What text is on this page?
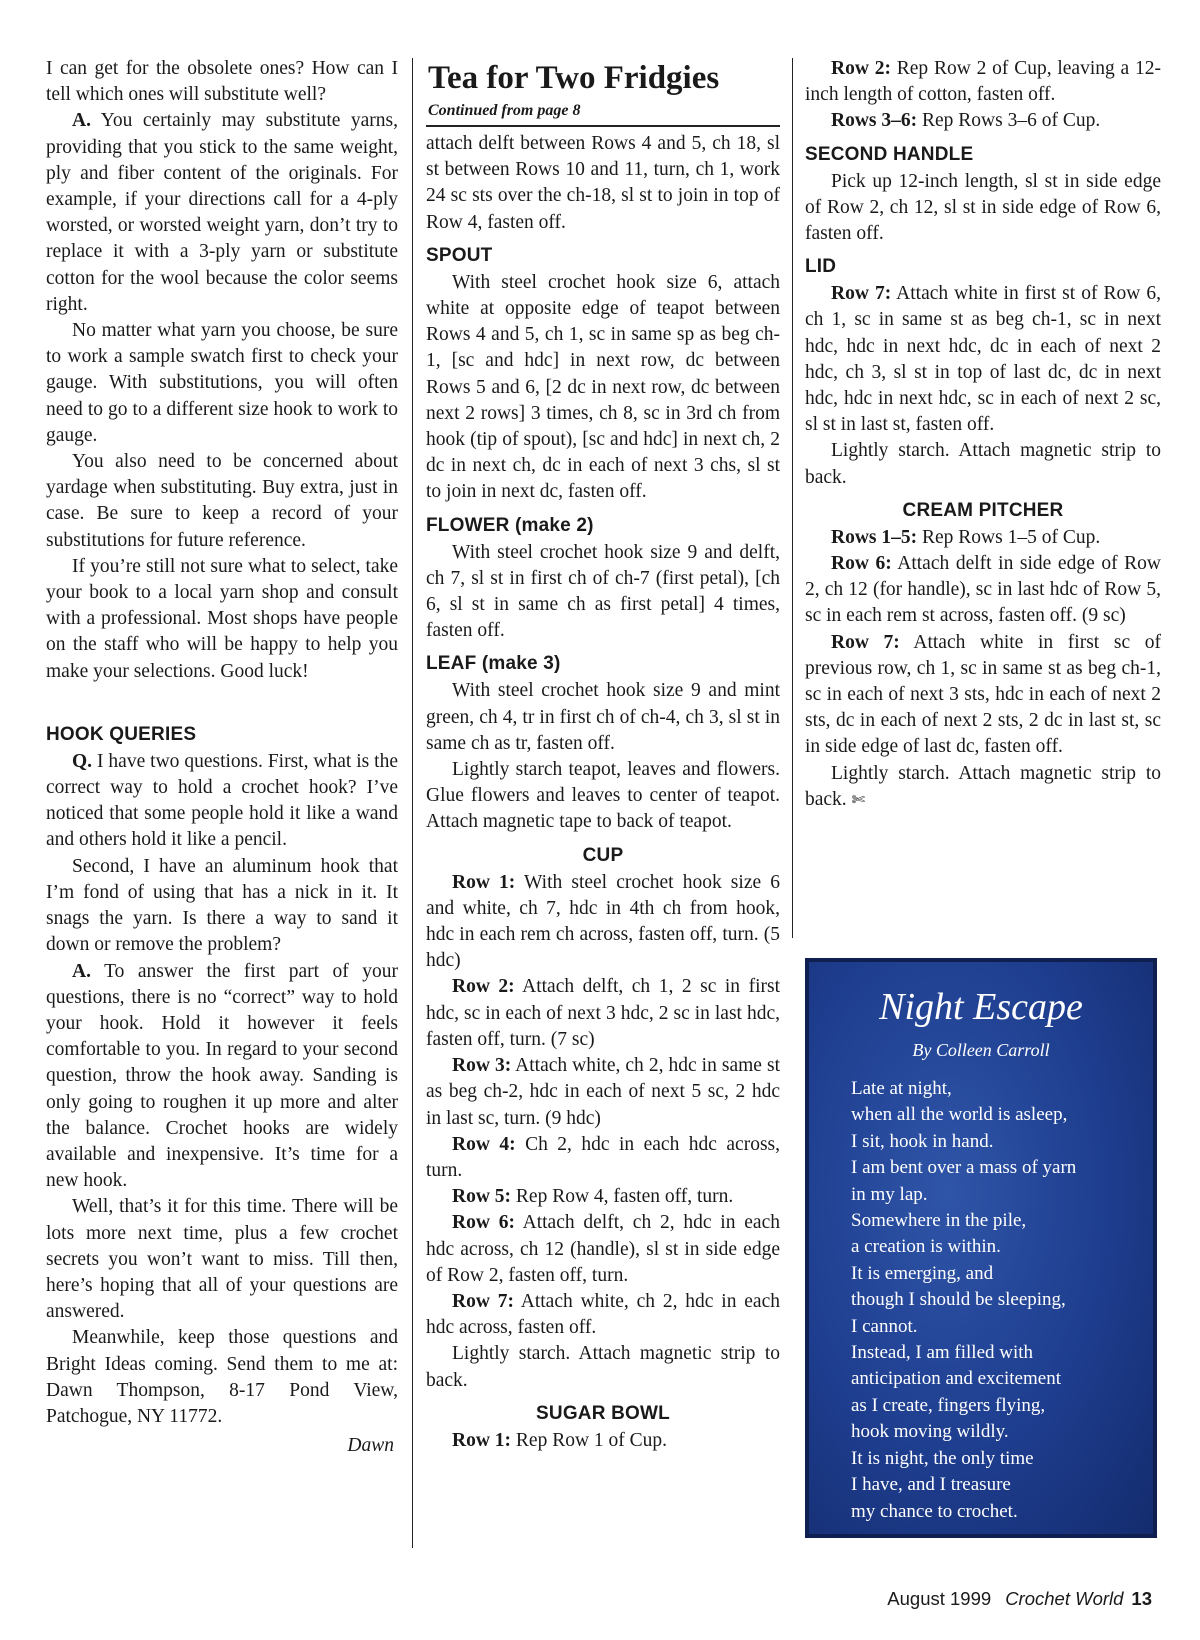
I can get for the obsolete ones? How can I tell which ones will substitute well?

A. You certainly may substitute yarns, providing that you stick to the same weight, ply and fiber content of the originals. For example, if your directions call for a 4-ply worsted, or worsted weight yarn, don’t try to replace it with a 3-ply yarn or substitute cotton for the wool because the color seems right.

No matter what yarn you choose, be sure to work a sample swatch first to check your gauge. With substitutions, you will often need to go to a different size hook to work to gauge.

You also need to be concerned about yardage when substituting. Buy extra, just in case. Be sure to keep a record of your substitutions for future reference.

If you’re still not sure what to select, take your book to a local yarn shop and consult with a professional. Most shops have people on the staff who will be happy to help you make your selections. Good luck!

HOOK QUERIES

Q. I have two questions. First, what is the correct way to hold a crochet hook? I’ve noticed that some people hold it like a wand and others hold it like a pencil.

Second, I have an aluminum hook that I’m fond of using that has a nick in it. It snags the yarn. Is there a way to sand it down or remove the problem?

A. To answer the first part of your questions, there is no “correct” way to hold your hook. Hold it however it feels comfortable to you. In regard to your second question, throw the hook away. Sanding is only going to roughen it up more and alter the balance. Crochet hooks are widely available and inexpensive. It’s time for a new hook.

Well, that’s it for this time. There will be lots more next time, plus a few crochet secrets you won’t want to miss. Till then, here’s hoping that all of your questions are answered.

Meanwhile, keep those questions and Bright Ideas coming. Send them to me at: Dawn Thompson, 8-17 Pond View, Patchogue, NY 11772.

Dawn
Tea for Two Fridgies
Continued from page 8

attach delft between Rows 4 and 5, ch 18, sl st between Rows 10 and 11, turn, ch 1, work 24 sc sts over the ch-18, sl st to join in top of Row 4, fasten off.

SPOUT

With steel crochet hook size 6, attach white at opposite edge of teapot between Rows 4 and 5, ch 1, sc in same sp as beg ch-1, [sc and hdc] in next row, dc between Rows 5 and 6, [2 dc in next row, dc between next 2 rows] 3 times, ch 8, sc in 3rd ch from hook (tip of spout), [sc and hdc] in next ch, 2 dc in next ch, dc in each of next 3 chs, sl st to join in next dc, fasten off.

FLOWER (make 2)

With steel crochet hook size 9 and delft, ch 7, sl st in first ch of ch-7 (first petal), [ch 6, sl st in same ch as first petal] 4 times, fasten off.

LEAF (make 3)

With steel crochet hook size 9 and mint green, ch 4, tr in first ch of ch-4, ch 3, sl st in same ch as tr, fasten off.

Lightly starch teapot, leaves and flowers. Glue flowers and leaves to center of teapot. Attach magnetic tape to back of teapot.

CUP

Row 1: With steel crochet hook size 6 and white, ch 7, hdc in 4th ch from hook, hdc in each rem ch across, fasten off, turn. (5 hdc)

Row 2: Attach delft, ch 1, 2 sc in first hdc, sc in each of next 3 hdc, 2 sc in last hdc, fasten off, turn. (7 sc)

Row 3: Attach white, ch 2, hdc in same st as beg ch-2, hdc in each of next 5 sc, 2 hdc in last sc, turn. (9 hdc)

Row 4: Ch 2, hdc in each hdc across, turn.

Row 5: Rep Row 4, fasten off, turn.

Row 6: Attach delft, ch 2, hdc in each hdc across, ch 12 (handle), sl st in side edge of Row 2, fasten off, turn.

Row 7: Attach white, ch 2, hdc in each hdc across, fasten off.

Lightly starch. Attach magnetic strip to back.

SUGAR BOWL

Row 1: Rep Row 1 of Cup.

Row 2: Rep Row 2 of Cup, leaving a 12-inch length of cotton, fasten off.

Rows 3–6: Rep Rows 3–6 of Cup.

SECOND HANDLE

Pick up 12-inch length, sl st in side edge of Row 2, ch 12, sl st in side edge of Row 6, fasten off.

LID

Row 7: Attach white in first st of Row 6, ch 1, sc in same st as beg ch-1, sc in next hdc, hdc in next hdc, dc in each of next 2 hdc, ch 3, sl st in top of last dc, dc in next hdc, hdc in next hdc, sc in each of next 2 sc, sl st in last st, fasten off.

Lightly starch. Attach magnetic strip to back.

CREAM PITCHER

Rows 1–5: Rep Rows 1–5 of Cup.

Row 6: Attach delft in side edge of Row 2, ch 12 (for handle), sc in last hdc of Row 5, sc in each rem st across, fasten off. (9 sc)

Row 7: Attach white in first sc of previous row, ch 1, sc in same st as beg ch-1, sc in each of next 3 sts, hdc in each of next 2 sts, dc in each of next 2 sts, 2 dc in last st, sc in side edge of last dc, fasten off.

Lightly starch. Attach magnetic strip to back. ✄

Night Escape
By Colleen Carroll
Late at night,
when all the world is asleep,
I sit, hook in hand.
I am bent over a mass of yarn
in my lap.
Somewhere in the pile,
a creation is within.
It is emerging, and
though I should be sleeping,
I cannot.
Instead, I am filled with
anticipation and excitement
as I create, fingers flying,
hook moving wildly.
It is night, the only time
I have, and I treasure
my chance to crochet.
August 1999 Crochet World 13
